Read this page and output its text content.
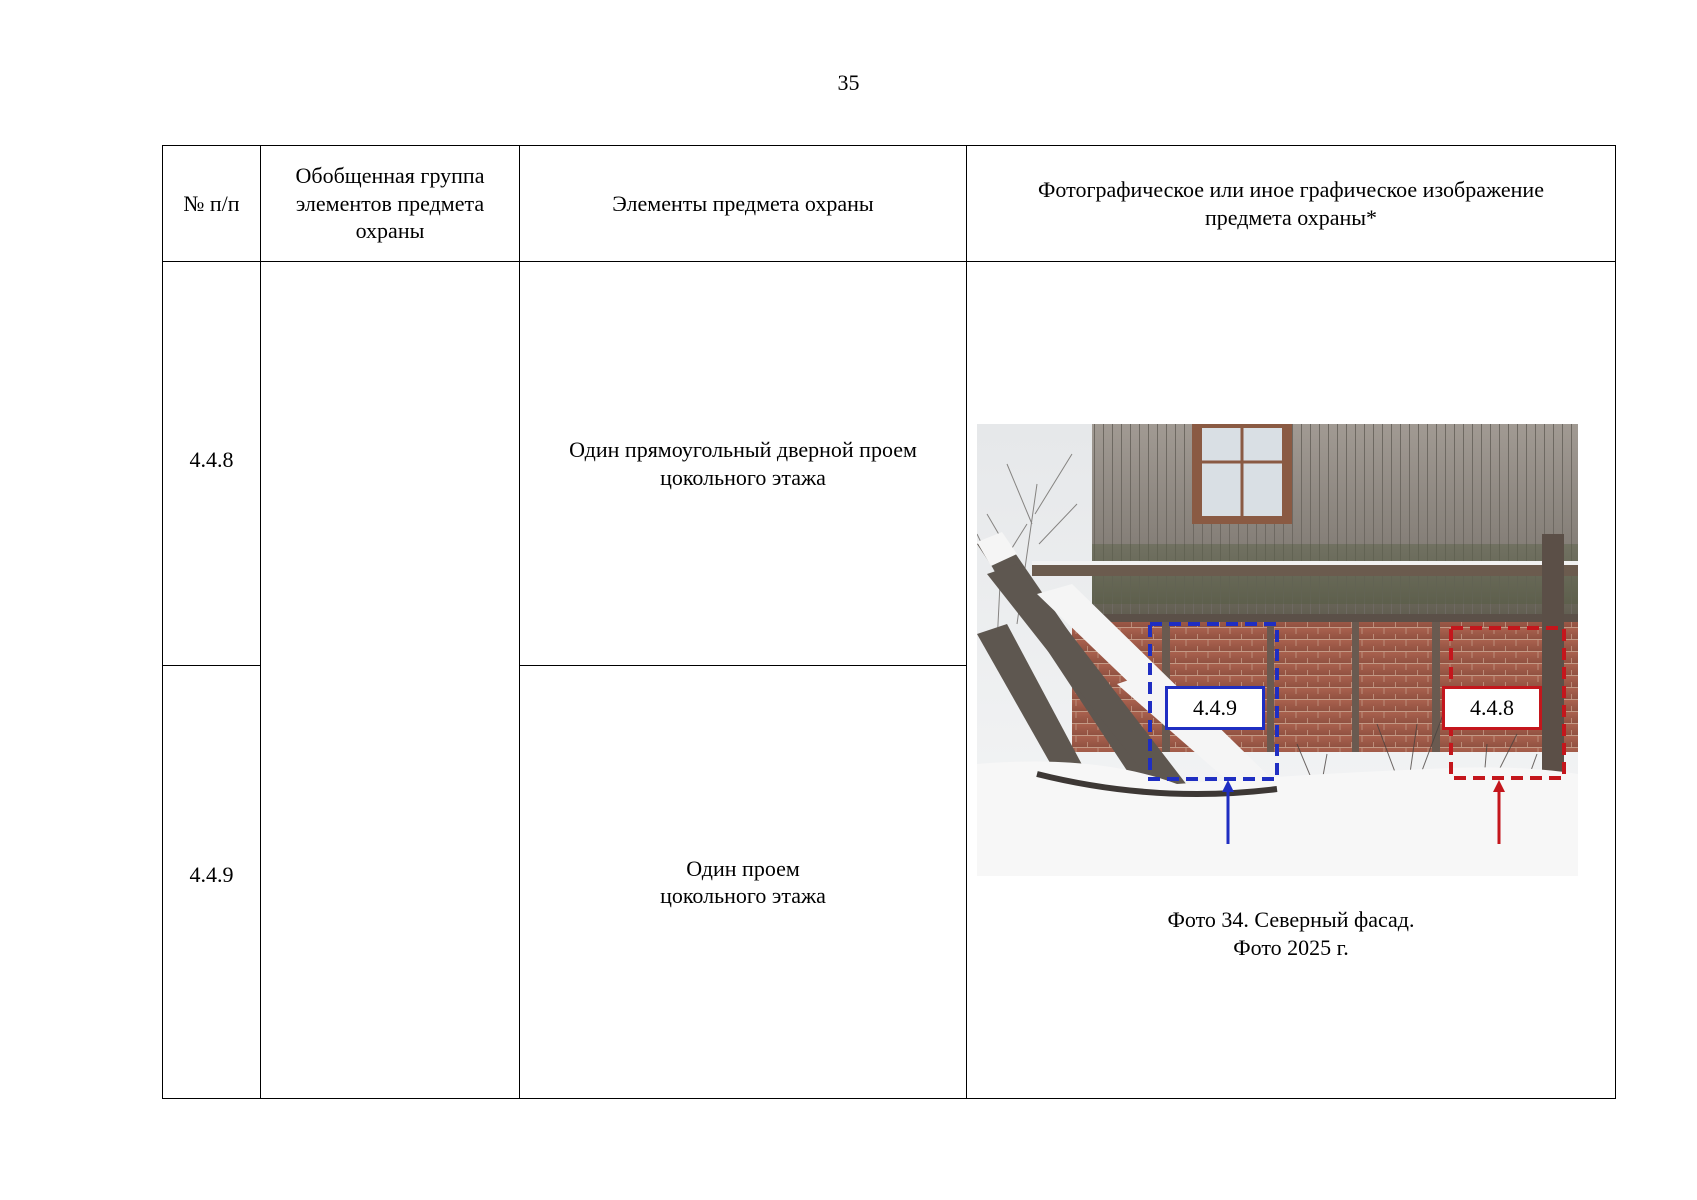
35
№ п/п	Обобщенная группа элементов предмета охраны	Элементы предмета охраны	Фотографическое или иное графическое изображение предмета охраны*
4.4.8		Один прямоугольный дверной проем цокольного этажа	4.4.9 4.4.8
Фото 34. Северный фасад.
Фото 2025 г.

4.4.9		Один проем цокольного этажа	
